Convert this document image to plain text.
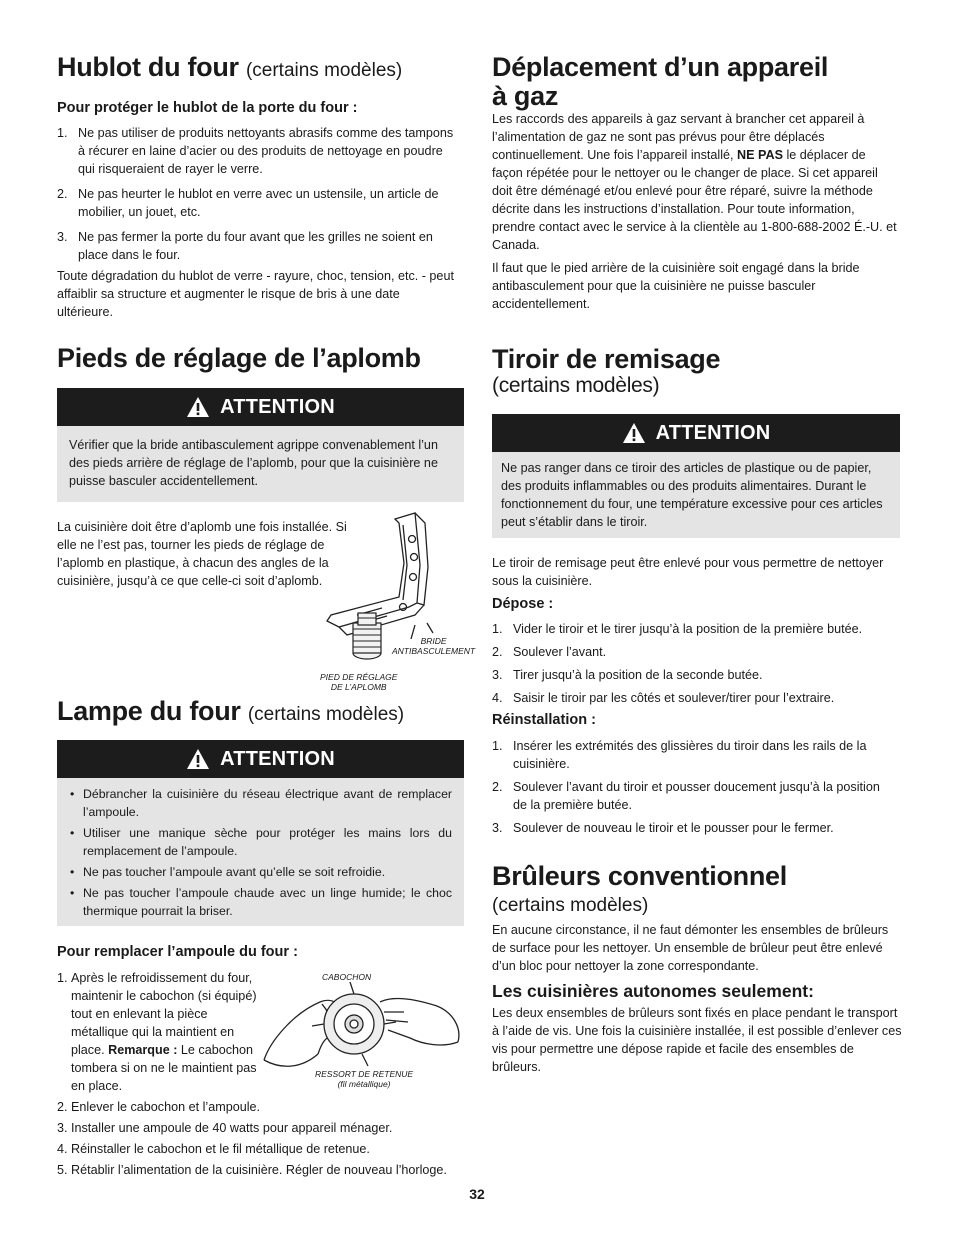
Hublot du four (certains modèles)
Pour protéger le hublot de la porte du four :
1. Ne pas utiliser de produits nettoyants abrasifs comme des tampons à récurer en laine d’acier ou des produits de nettoyage en poudre qui risqueraient de rayer le verre.
2. Ne pas heurter le hublot en verre avec un ustensile, un article de mobilier, un jouet, etc.
3. Ne pas fermer la porte du four avant que les grilles ne soient en place dans le four.

Toute dégradation du hublot de verre - rayure, choc, tension, etc. - peut affaiblir sa structure et augmenter le risque de bris à une date ultérieure.

Pieds de réglage de l’aplomb
ATTENTION
Vérifier que la bride antibasculement agrippe convenablement l’un des pieds arrière de réglage de l’aplomb, pour que la cuisinière ne puisse basculer accidentellement.

La cuisinière doit être d’aplomb une fois installée. Si elle ne l’est pas, tourner les pieds de réglage de l’aplomb en plastique, à chacun des angles de la cuisinière, jusqu’à ce que celle-ci soit d’aplomb.

BRIDE
ANTIBASCULEMENT
PIED DE RÉGLAGE
DE L’APLOMB
Lampe du four (certains modèles)
ATTENTION
• Débrancher la cuisinière du réseau électrique avant de remplacer l’ampoule.
• Utiliser une manique sèche pour protéger les mains lors du remplacement de l’ampoule.
• Ne pas toucher l’ampoule avant qu’elle se soit refroidie.
• Ne pas toucher l’ampoule chaude avec un linge humide; le choc thermique pourrait la briser.
Pour remplacer l’ampoule du four :
1. Après le refroidissement du four, maintenir le cabochon (si équipé) tout en enlevant la pièce métallique qui la maintient en place. Remarque : Le cabochon tombera si on ne le maintient pas en place.
CABOCHON
RESSORT DE RETENUE
(fil métallique)
2. Enlever le cabochon et l’ampoule.
3. Installer une ampoule de 40 watts pour appareil ménager.
4. Réinstaller le cabochon et le fil métallique de retenue.
5. Rétablir l’alimentation de la cuisinière. Régler de nouveau l’horloge.
Déplacement d’un appareil
à gaz

Les raccords des appareils à gaz servant à brancher cet appareil à l’alimentation de gaz ne sont pas prévus pour être déplacés continuellement. Une fois l’appareil installé, NE PAS le déplacer de façon répétée pour le nettoyer ou le changer de place. Si cet appareil doit être déménagé et/ou enlevé pour être réparé, suivre la méthode décrite dans les instructions d’installation. Pour toute information, prendre contact avec le service à la clientèle au 1-800-688-2002 É.-U. et Canada.

Il faut que le pied arrière de la cuisinière soit engagé dans la bride antibasculement pour que la cuisinière ne puisse basculer accidentellement.

Tiroir de remisage
(certains modèles)
ATTENTION
Ne pas ranger dans ce tiroir des articles de plastique ou de papier, des produits inflammables ou des produits alimentaires. Durant le fonctionnement du four, une température excessive pour ces articles peut s’établir dans le tiroir.

Le tiroir de remisage peut être enlevé pour vous permettre de nettoyer sous la cuisinière.

Dépose :
1. Vider le tiroir et le tirer jusqu’à la position de la première butée.
2. Soulever l’avant.
3. Tirer jusqu’à la position de la seconde butée.
4. Saisir le tiroir par les côtés et soulever/tirer pour l’extraire.
Réinstallation :
1. Insérer les extrémités des glissières du tiroir dans les rails de la cuisinière.
2. Soulever l’avant du tiroir et pousser doucement jusqu’à la position de la première butée.
3. Soulever de nouveau le tiroir et le pousser pour le fermer.
Brûleurs conventionnel
(certains modèles)

En aucune circonstance, il ne faut démonter les ensembles de brûleurs de surface pour les nettoyer. Un ensemble de brûleur peut être enlevé d’un bloc pour nettoyer la zone correspondante.

Les cuisinières autonomes seulement:

Les deux ensembles de brûleurs sont fixés en place pendant le transport à l’aide de vis. Une fois la cuisinière installée, il est possible d’enlever ces vis pour permettre une dépose rapide et facile des ensembles de brûleurs.

32
